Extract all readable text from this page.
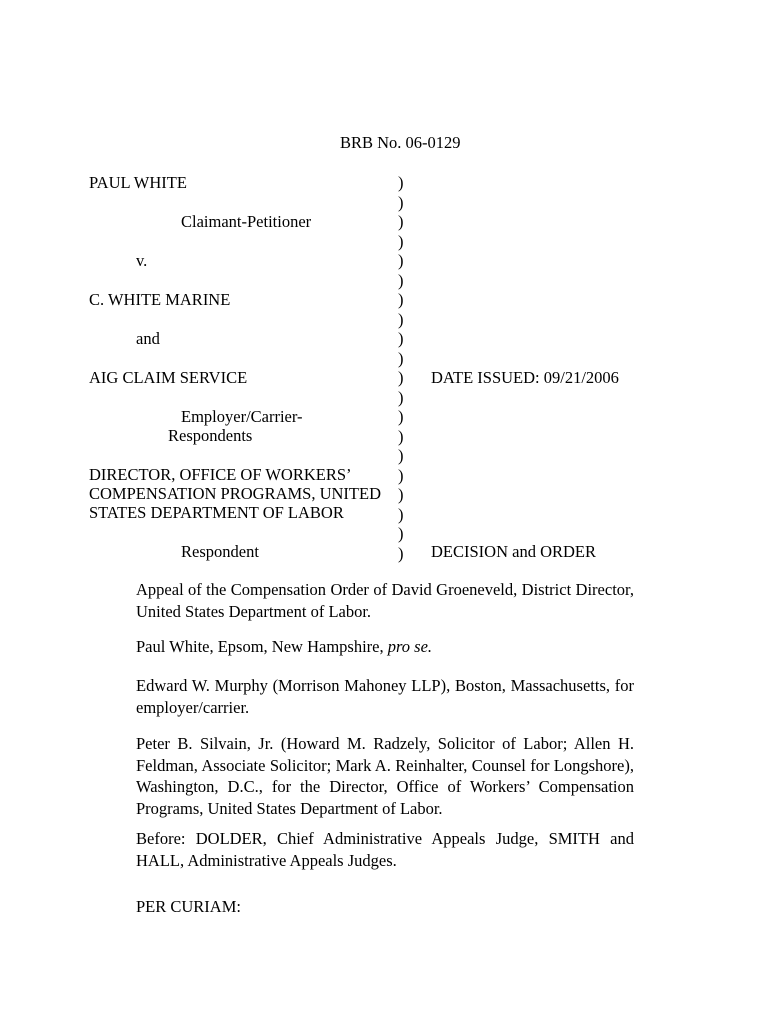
BRB No. 06-0129
PAUL WHITE
Claimant-Petitioner
v.
C. WHITE MARINE
and
AIG CLAIM SERVICE
Employer/Carrier-
Respondents
DIRECTOR, OFFICE OF WORKERS’
COMPENSATION PROGRAMS, UNITED
STATES DEPARTMENT OF LABOR
Respondent
)
)
)
)
)
)
)
)
)
)
)
)
)
)
)
)
)
)
)
)
DATE ISSUED: 09/21/2006
DECISION and ORDER

Appeal of the Compensation Order of David Groeneveld, District Director, United States Department of Labor.

Paul White, Epsom, New Hampshire, pro se.

Edward W. Murphy (Morrison Mahoney LLP), Boston, Massachusetts, for employer/carrier.

Peter B. Silvain, Jr. (Howard M. Radzely, Solicitor of Labor; Allen H. Feldman, Associate Solicitor; Mark A. Reinhalter, Counsel for Longshore), Washington, D.C., for the Director, Office of Workers’ Compensation Programs, United States Department of Labor.

Before: DOLDER, Chief Administrative Appeals Judge, SMITH and HALL, Administrative Appeals Judges.

PER CURIAM:
